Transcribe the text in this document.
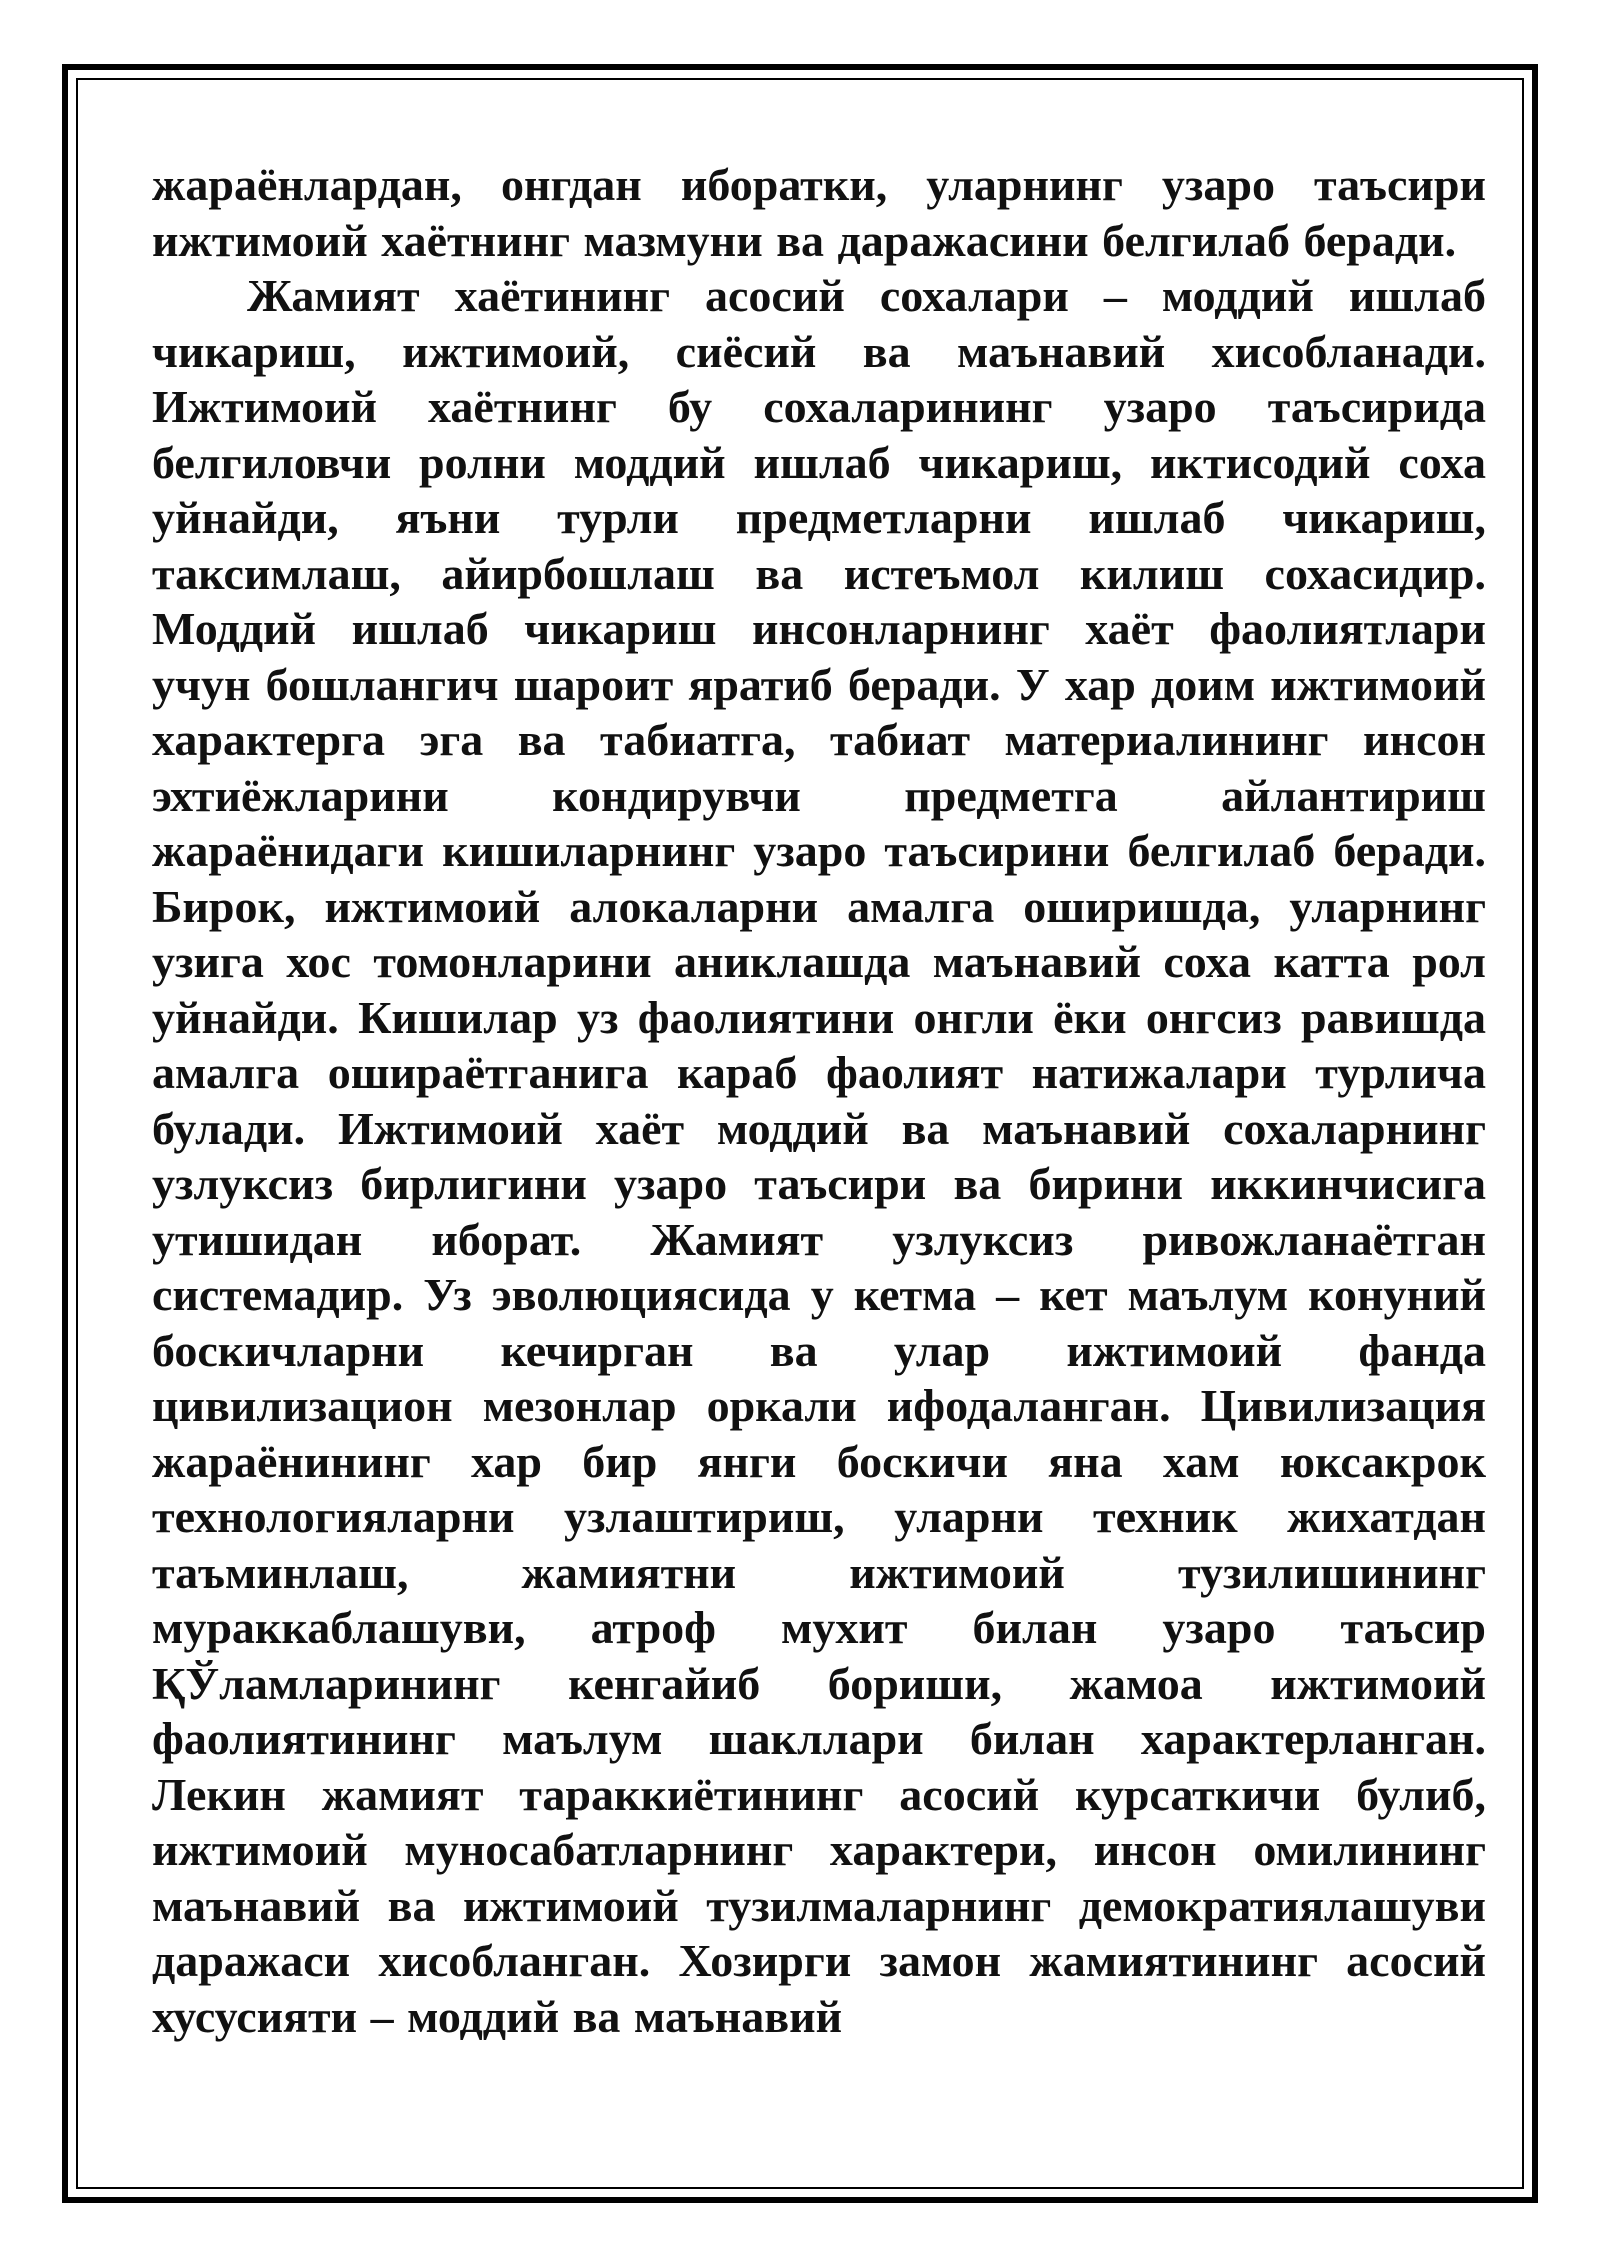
жараёнлардан, онгдан иборатки, уларнинг узаро таъсири ижтимоий хаётнинг мазмуни ва даражасини белгилаб беради.

Жамият хаётининг асосий сохалари – моддий ишлаб чикариш, ижтимоий, сиёсий ва маънавий хисобланади. Ижтимоий хаётнинг бу сохаларининг узаро таъсирида белгиловчи ролни моддий ишлаб чикариш, иктисодий соха уйнайди, яъни турли предметларни ишлаб чикариш, таксимлаш, айирбошлаш ва истеъмол килиш сохасидир. Моддий ишлаб чикариш инсонларнинг хаёт фаолиятлари учун бошлангич шароит яратиб беради. У хар доим ижтимоий характерга эга ва табиатга, табиат материалининг инсон эхтиёжларини кондирувчи предметга айлантириш жараёнидаги кишиларнинг узаро таъсирини белгилаб беради. Бирок, ижтимоий алокаларни амалга оширишда, уларнинг узига хос томонларини аниклашда маънавий соха катта рол уйнайди. Кишилар уз фаолиятини онгли ёки онгсиз равишда амалга ошираётганига караб фаолият натижалари турлича булади. Ижтимоий хаёт моддий ва маънавий сохаларнинг узлуксиз бирлигини узаро таъсири ва бирини иккинчисига утишидан иборат. Жамият узлуксиз ривожланаётган системадир. Уз эволюциясида у кетма – кет маълум конуний боскичларни кечирган ва улар ижтимоий фанда цивилизацион мезонлар оркали ифодаланган. Цивилизация жараёнининг хар бир янги боскичи яна хам юксакрок технологияларни узлаштириш, уларни техник жихатдан таъминлаш, жамиятни ижтимоий тузилишининг мураккаблашуви, атроф мухит билан узаро таъсир ҚЎламларининг кенгайиб бориши, жамоа ижтимоий фаолиятининг маълум шакллари билан характерланган. Лекин жамият тараккиётининг асосий курсаткичи булиб, ижтимоий муносабатларнинг характери, инсон омилининг маънавий ва ижтимоий тузилмаларнинг демократиялашуви даражаси хисобланган. Хозирги замон жамиятининг асосий хусусияти – моддий ва маънавий
